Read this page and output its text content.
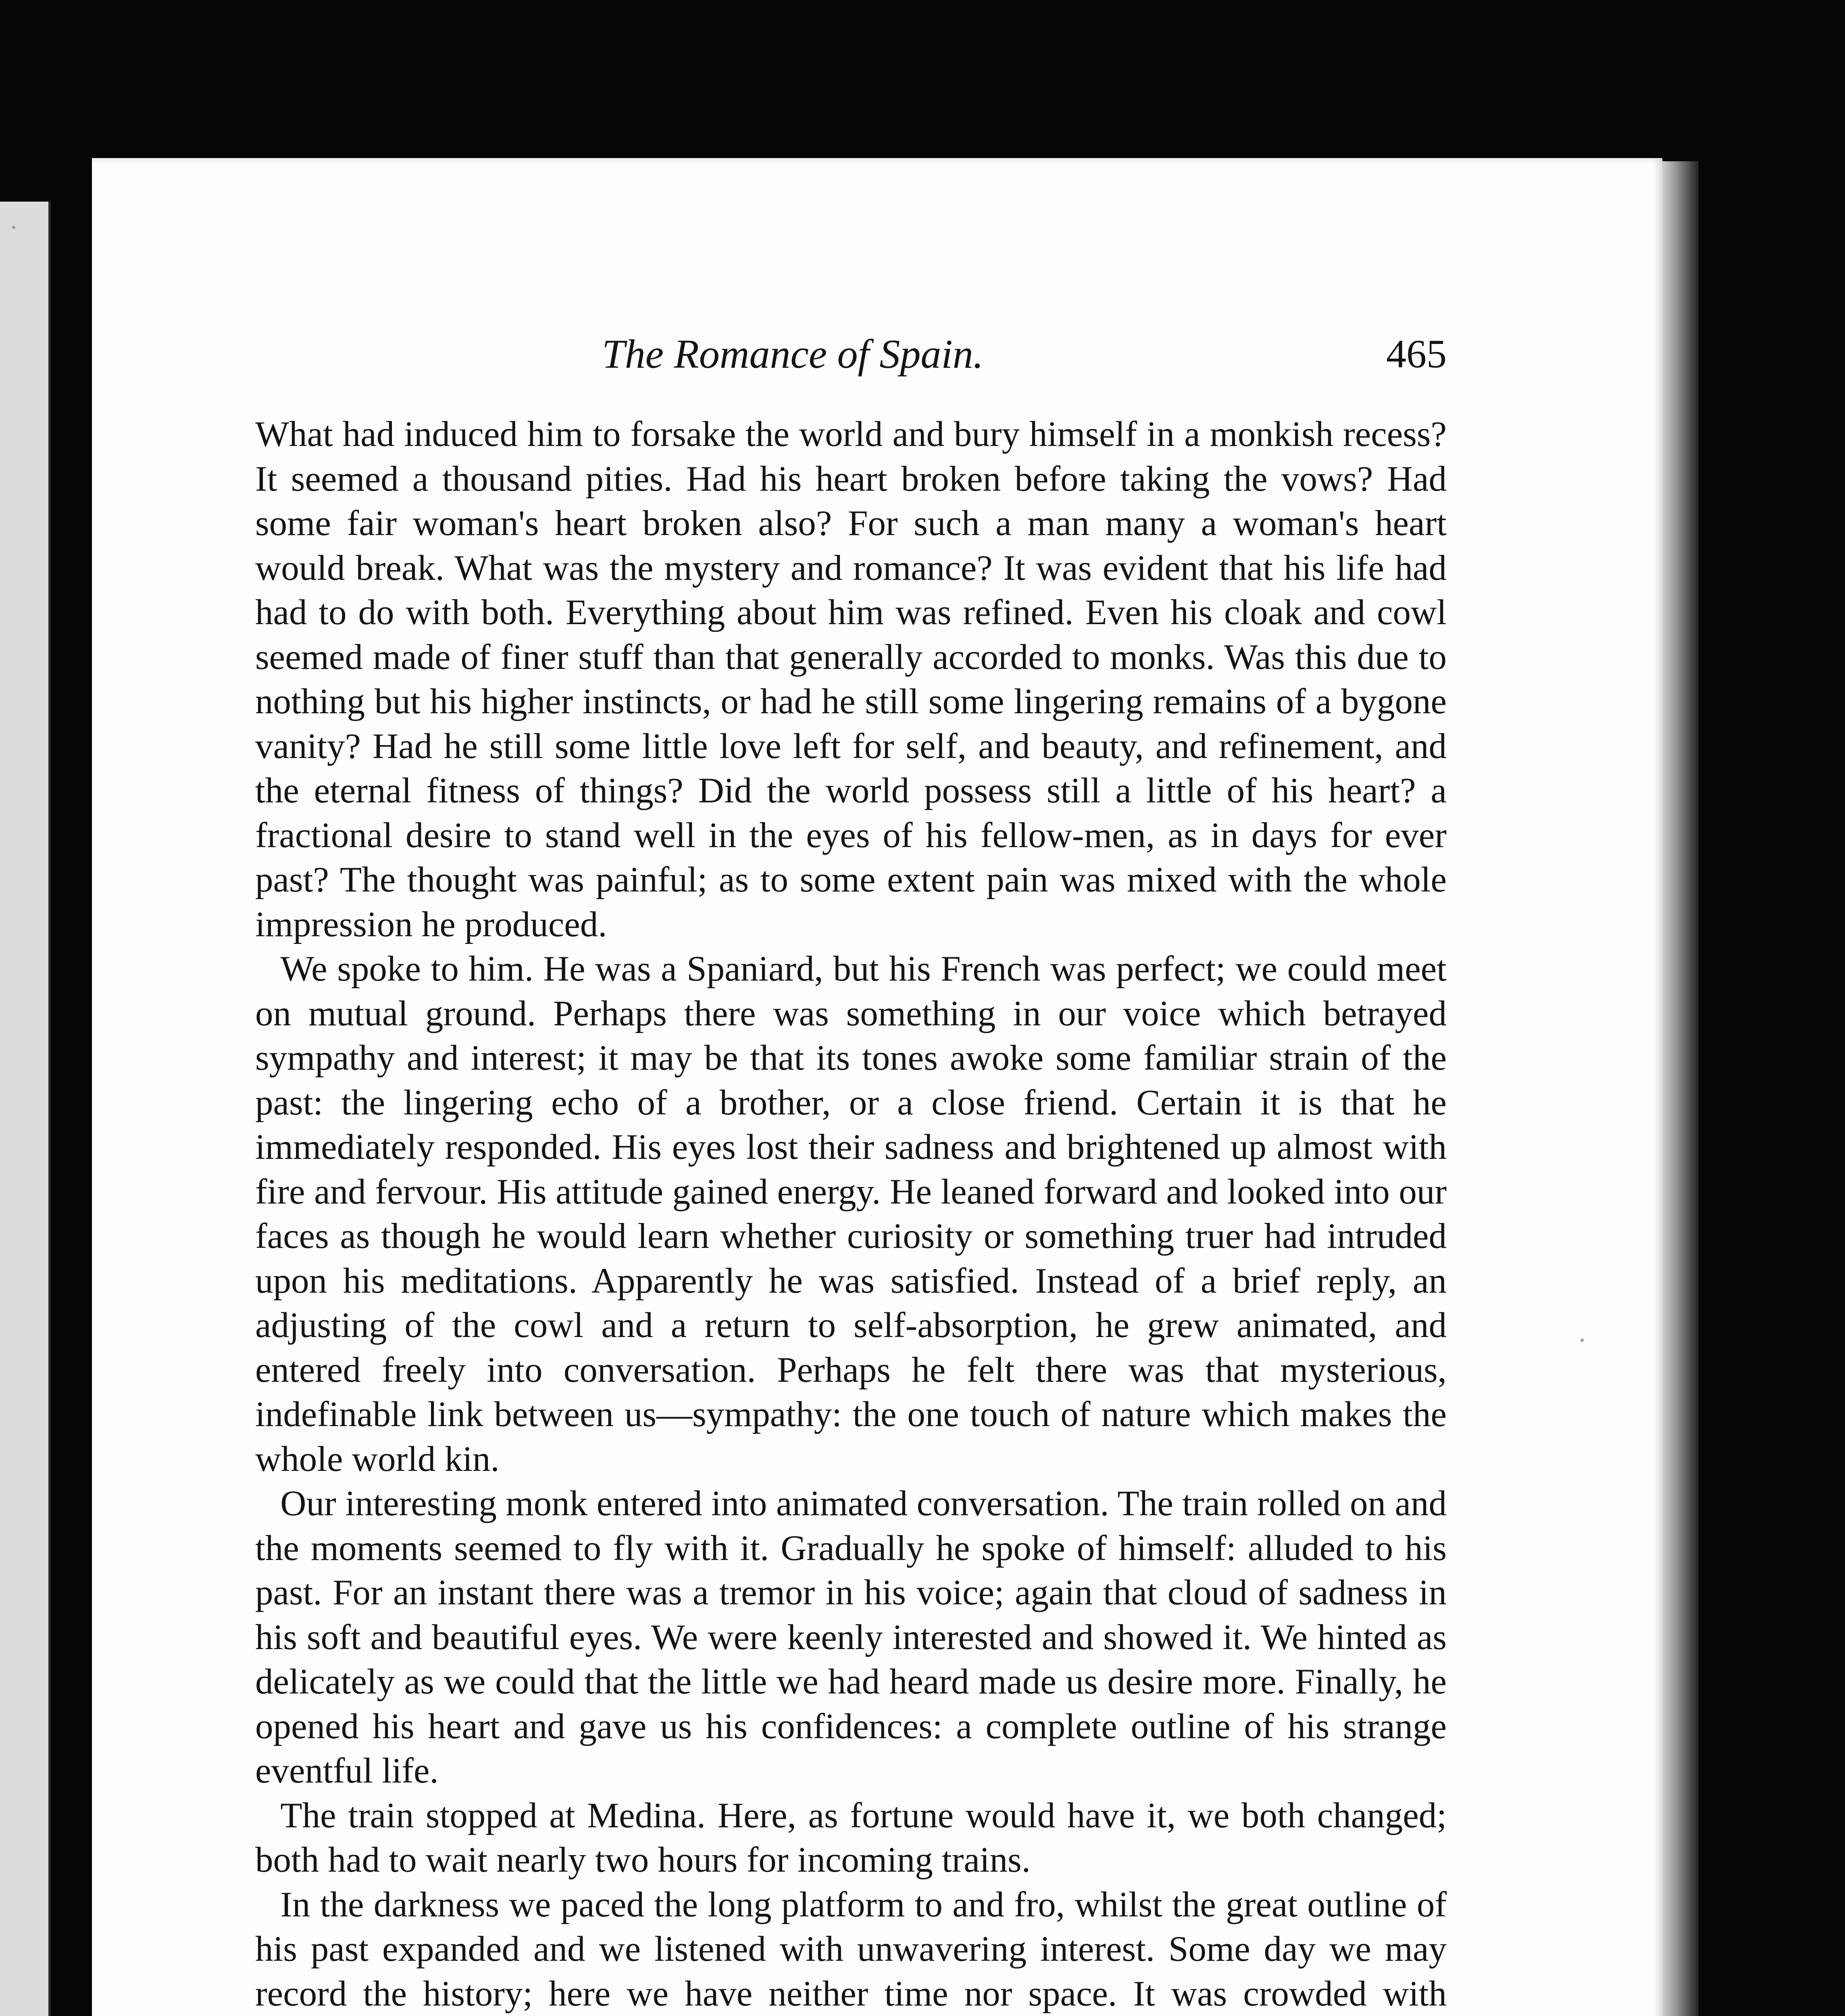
The Romance of Spain.	465

What had induced him to forsake the world and bury himself in a monkish recess? It seemed a thousand pities. Had his heart broken before taking the vows? Had some fair woman's heart broken also? For such a man many a woman's heart would break. What was the mystery and romance? It was evident that his life had had to do with both. Everything about him was refined. Even his cloak and cowl seemed made of finer stuff than that generally accorded to monks. Was this due to nothing but his higher instincts, or had he still some lingering remains of a bygone vanity? Had he still some little love left for self, and beauty, and refinement, and the eternal fitness of things? Did the world possess still a little of his heart? a fractional desire to stand well in the eyes of his fellow-men, as in days for ever past? The thought was painful; as to some extent pain was mixed with the whole impression he produced.

We spoke to him. He was a Spaniard, but his French was perfect; we could meet on mutual ground. Perhaps there was something in our voice which betrayed sympathy and interest; it may be that its tones awoke some familiar strain of the past: the lingering echo of a brother, or a close friend. Certain it is that he immediately responded. His eyes lost their sadness and brightened up almost with fire and fervour. His attitude gained energy. He leaned forward and looked into our faces as though he would learn whether curiosity or something truer had intruded upon his meditations. Apparently he was satisfied. Instead of a brief reply, an adjusting of the cowl and a return to self-absorption, he grew animated, and entered freely into conversation. Perhaps he felt there was that mysterious, indefinable link between us—sympathy: the one touch of nature which makes the whole world kin.

Our interesting monk entered into animated conversation. The train rolled on and the moments seemed to fly with it. Gradually he spoke of himself: alluded to his past. For an instant there was a tremor in his voice; again that cloud of sadness in his soft and beautiful eyes. We were keenly interested and showed it. We hinted as delicately as we could that the little we had heard made us desire more. Finally, he opened his heart and gave us his confidences: a complete outline of his strange eventful life.

The train stopped at Medina. Here, as fortune would have it, we both changed; both had to wait nearly two hours for incoming trains.

In the darkness we paced the long platform to and fro, whilst the great outline of his past expanded and we listened with unwavering interest. Some day we may record the history; here we have neither time nor space. It was crowded with
